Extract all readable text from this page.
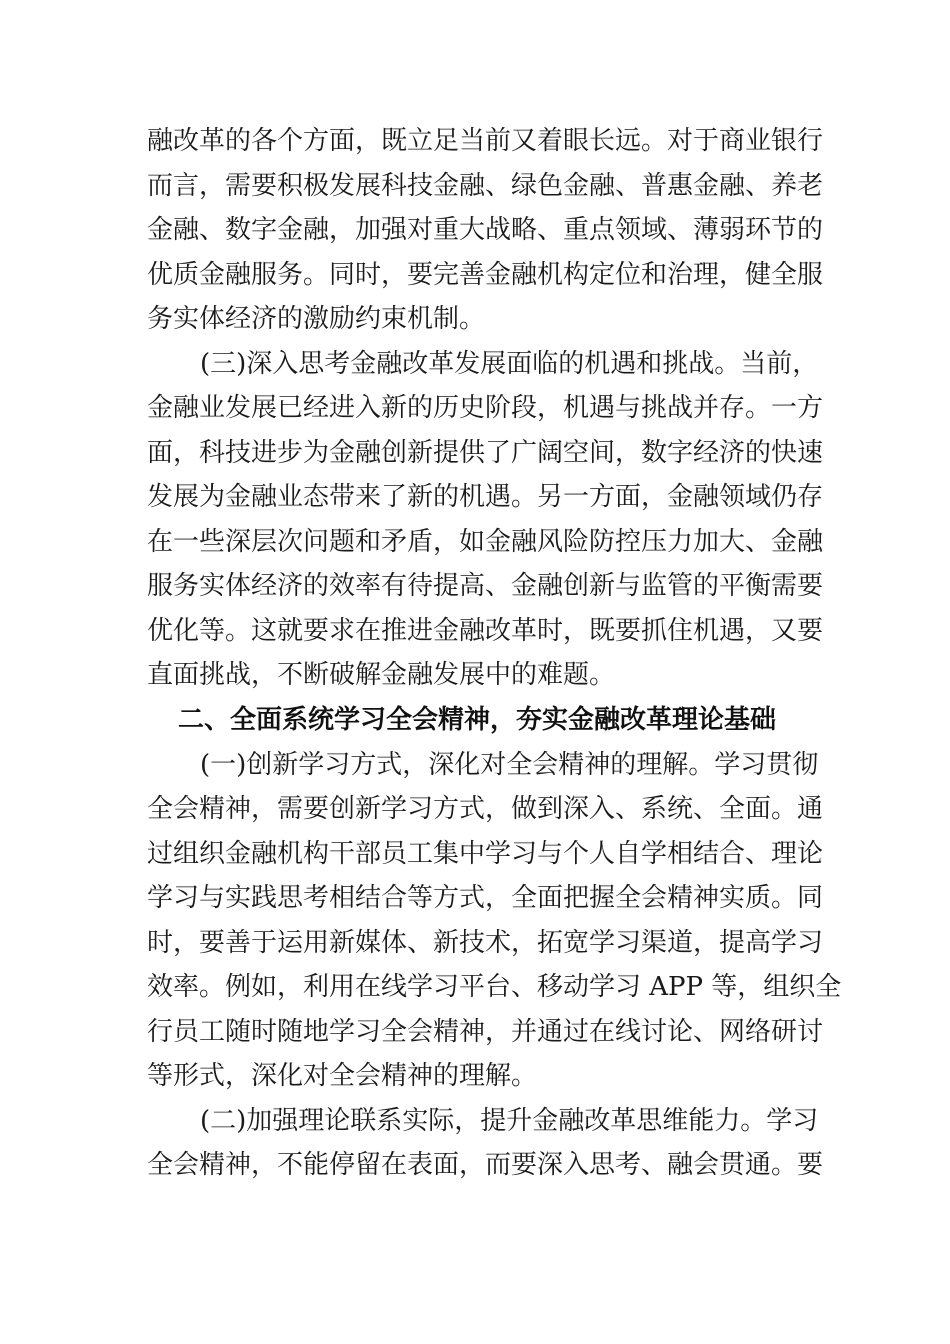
融改革的各个方面，既立足当前又着眼长远。对于商业银行
而言，需要积极发展科技金融、绿色金融、普惠金融、养老
金融、数字金融，加强对重大战略、重点领域、薄弱环节的
优质金融服务。同时，要完善金融机构定位和治理，健全服
务实体经济的激励约束机制。
(三)深入思考金融改革发展面临的机遇和挑战。当前，
金融业发展已经进入新的历史阶段，机遇与挑战并存。一方
面，科技进步为金融创新提供了广阔空间，数字经济的快速
发展为金融业态带来了新的机遇。另一方面，金融领域仍存
在一些深层次问题和矛盾，如金融风险防控压力加大、金融
服务实体经济的效率有待提高、金融创新与监管的平衡需要
优化等。这就要求在推进金融改革时，既要抓住机遇，又要
直面挑战，不断破解金融发展中的难题。
二、全面系统学习全会精神，夯实金融改革理论基础
(一)创新学习方式，深化对全会精神的理解。学习贯彻
全会精神，需要创新学习方式，做到深入、系统、全面。通
过组织金融机构干部员工集中学习与个人自学相结合、理论
学习与实践思考相结合等方式，全面把握全会精神实质。同
时，要善于运用新媒体、新技术，拓宽学习渠道，提高学习
效率。例如，利用在线学习平台、移动学习 APP 等，组织全
行员工随时随地学习全会精神，并通过在线讨论、网络研讨
等形式，深化对全会精神的理解。
(二)加强理论联系实际，提升金融改革思维能力。学习
全会精神，不能停留在表面，而要深入思考、融会贯通。要
